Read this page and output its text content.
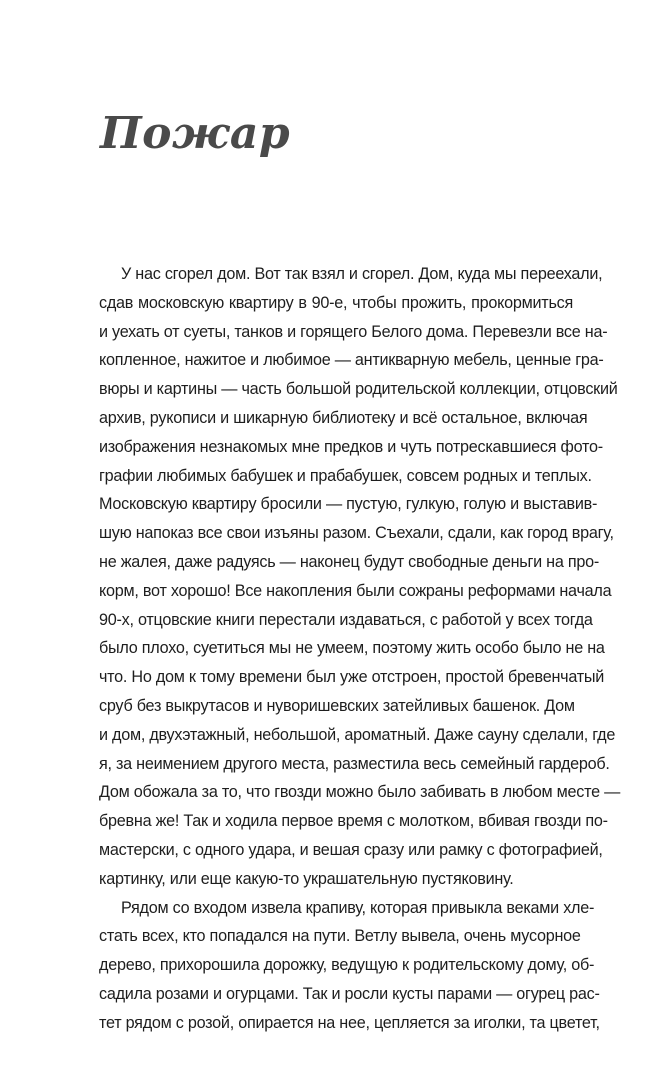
Пожар
У нас сгорел дом. Вот так взял и сгорел. Дом, куда мы переехали,
сдав московскую квартиру в 90-е, чтобы прожить, прокормиться
и уехать от суеты, танков и горящего Белого дома. Перевезли все на-
копленное, нажитое и любимое — антикварную мебель, ценные гра-
вюры и картины — часть большой родительской коллекции, отцовский
архив, рукописи и шикарную библиотеку и всё остальное, включая
изображения незнакомых мне предков и чуть потрескавшиеся фото-
графии любимых бабушек и прабабушек, совсем родных и теплых.
Московскую квартиру бросили — пустую, гулкую, голую и выставив-
шую напоказ все свои изъяны разом. Съехали, сдали, как город врагу,
не жалея, даже радуясь — наконец будут свободные деньги на про-
корм, вот хорошо! Все накопления были сожраны реформами начала
90-х, отцовские книги перестали издаваться, с работой у всех тогда
было плохо, суетиться мы не умеем, поэтому жить особо было не на
что. Но дом к тому времени был уже отстроен, простой бревенчатый
сруб без выкрутасов и нуворишевских затейливых башенок. Дом
и дом, двухэтажный, небольшой, ароматный. Даже сауну сделали, где
я, за неимением другого места, разместила весь семейный гардероб.
Дом обожала за то, что гвозди можно было забивать в любом месте —
бревна же! Так и ходила первое время с молотком, вбивая гвозди по-
мастерски, с одного удара, и вешая сразу или рамку с фотографией,
картинку, или еще какую-то украшательную пустяковину.
Рядом со входом извела крапиву, которая привыкла веками хле-
стать всех, кто попадался на пути. Ветлу вывела, очень мусорное
дерево, прихорошила дорожку, ведущую к родительскому дому, об-
садила розами и огурцами. Так и росли кусты парами — огурец рас-
тет рядом с розой, опирается на нее, цепляется за иголки, та цветет,
